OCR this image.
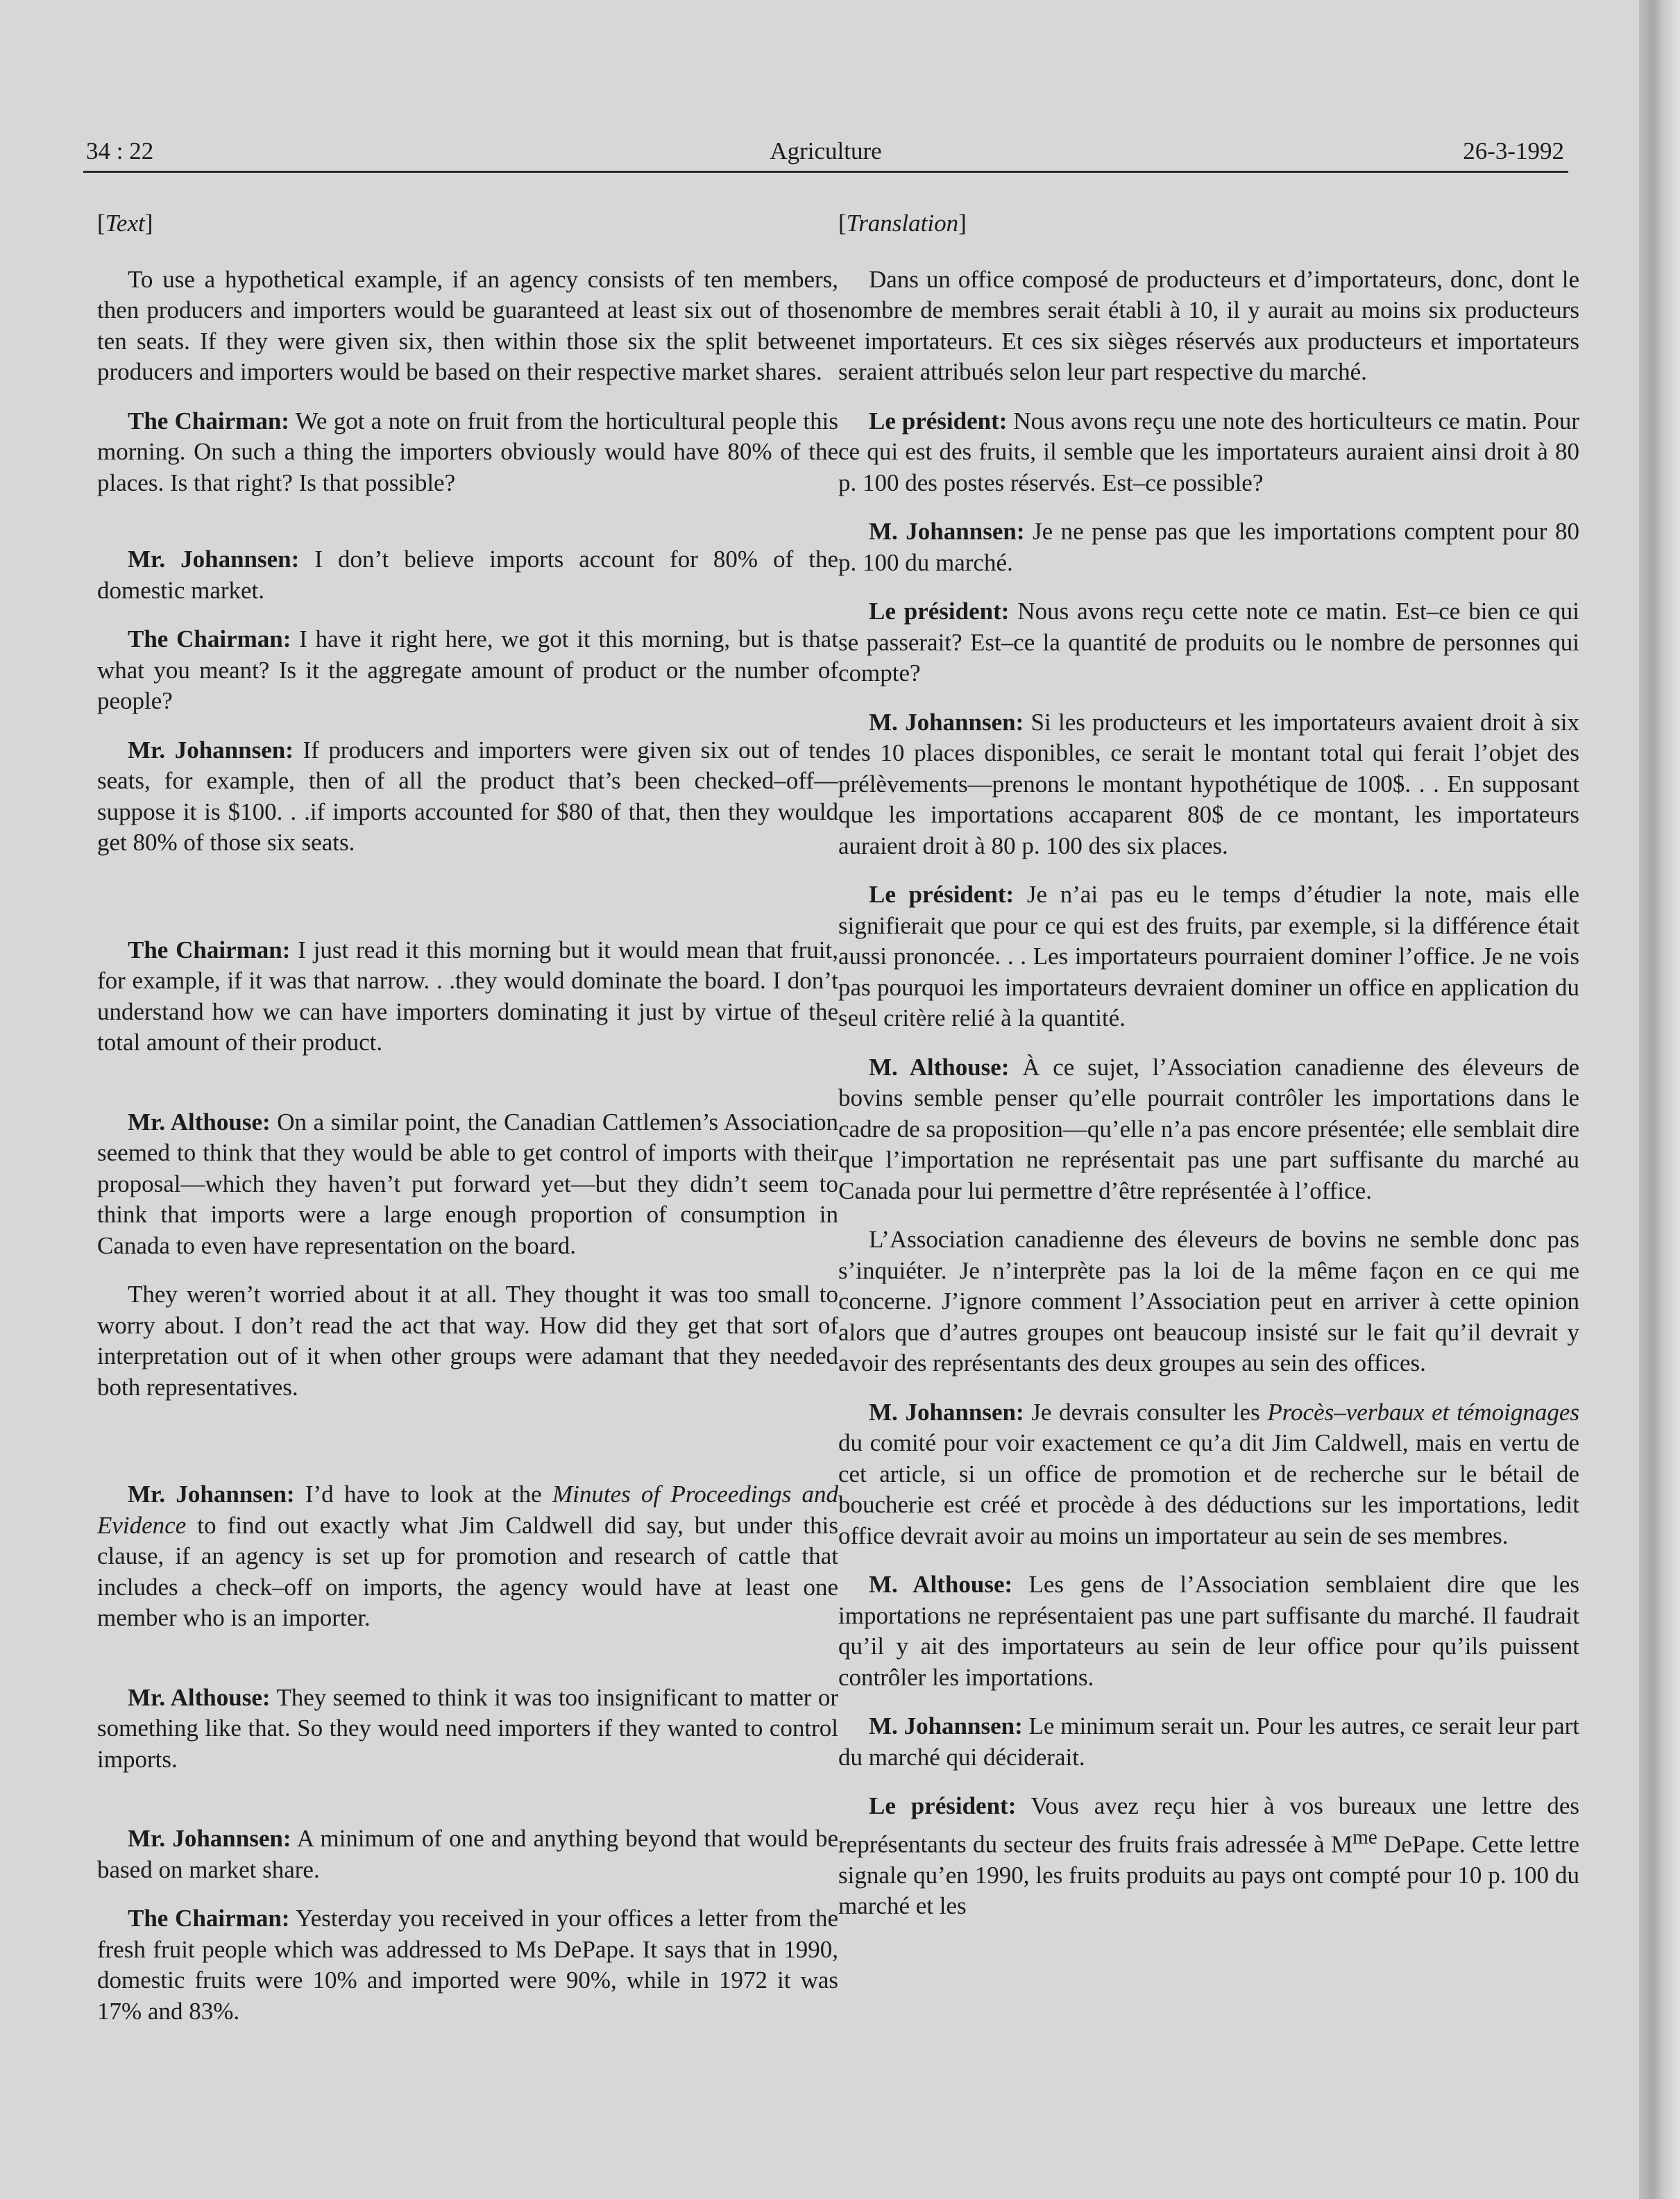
34 : 22	Agriculture	26-3-1992

[Text]

To use a hypothetical example, if an agency consists of ten members, then producers and importers would be guaranteed at least six out of those ten seats. If they were given six, then within those six the split between producers and importers would be based on their respective market shares.

The Chairman: We got a note on fruit from the horticultural people this morning. On such a thing the importers obviously would have 80% of the places. Is that right? Is that possible?

Mr. Johannsen: I don’t believe imports account for 80% of the domestic market.

The Chairman: I have it right here, we got it this morning, but is that what you meant? Is it the aggregate amount of product or the number of people?

Mr. Johannsen: If producers and importers were given six out of ten seats, for example, then of all the product that’s been checked–off—suppose it is $100. . .if imports accounted for $80 of that, then they would get 80% of those six seats.

The Chairman: I just read it this morning but it would mean that fruit, for example, if it was that narrow. . .they would dominate the board. I don’t understand how we can have importers dominating it just by virtue of the total amount of their product.

Mr. Althouse: On a similar point, the Canadian Cattlemen’s Association seemed to think that they would be able to get control of imports with their proposal—which they haven’t put forward yet—but they didn’t seem to think that imports were a large enough proportion of consumption in Canada to even have representation on the board.

They weren’t worried about it at all. They thought it was too small to worry about. I don’t read the act that way. How did they get that sort of interpretation out of it when other groups were adamant that they needed both representatives.

Mr. Johannsen: I’d have to look at the Minutes of Proceedings and Evidence to find out exactly what Jim Caldwell did say, but under this clause, if an agency is set up for promotion and research of cattle that includes a check–off on imports, the agency would have at least one member who is an importer.

Mr. Althouse: They seemed to think it was too insignificant to matter or something like that. So they would need importers if they wanted to control imports.

Mr. Johannsen: A minimum of one and anything beyond that would be based on market share.

The Chairman: Yesterday you received in your offices a letter from the fresh fruit people which was addressed to Ms DePape. It says that in 1990, domestic fruits were 10% and imported were 90%, while in 1972 it was 17% and 83%.

[Translation]

Dans un office composé de producteurs et d’importateurs, donc, dont le nombre de membres serait établi à 10, il y aurait au moins six producteurs et importateurs. Et ces six sièges réservés aux producteurs et importateurs seraient attribués selon leur part respective du marché.

Le président: Nous avons reçu une note des horticulteurs ce matin. Pour ce qui est des fruits, il semble que les importateurs auraient ainsi droit à 80 p. 100 des postes réservés. Est–ce possible?

M. Johannsen: Je ne pense pas que les importations comptent pour 80 p. 100 du marché.

Le président: Nous avons reçu cette note ce matin. Est–ce bien ce qui se passerait? Est–ce la quantité de produits ou le nombre de personnes qui compte?

M. Johannsen: Si les producteurs et les importateurs avaient droit à six des 10 places disponibles, ce serait le montant total qui ferait l’objet des prélèvements—prenons le montant hypothétique de 100$. . . En supposant que les importations accaparent 80$ de ce montant, les importateurs auraient droit à 80 p. 100 des six places.

Le président: Je n’ai pas eu le temps d’étudier la note, mais elle signifierait que pour ce qui est des fruits, par exemple, si la différence était aussi prononcée. . . Les importateurs pourraient dominer l’office. Je ne vois pas pourquoi les importateurs devraient dominer un office en application du seul critère relié à la quantité.

M. Althouse: À ce sujet, l’Association canadienne des éleveurs de bovins semble penser qu’elle pourrait contrôler les importations dans le cadre de sa proposition—qu’elle n’a pas encore présentée; elle semblait dire que l’importation ne représentait pas une part suffisante du marché au Canada pour lui permettre d’être représentée à l’office.

L’Association canadienne des éleveurs de bovins ne semble donc pas s’inquiéter. Je n’interprète pas la loi de la même façon en ce qui me concerne. J’ignore comment l’Association peut en arriver à cette opinion alors que d’autres groupes ont beaucoup insisté sur le fait qu’il devrait y avoir des représentants des deux groupes au sein des offices.

M. Johannsen: Je devrais consulter les Procès–verbaux et témoignages du comité pour voir exactement ce qu’a dit Jim Caldwell, mais en vertu de cet article, si un office de promotion et de recherche sur le bétail de boucherie est créé et procède à des déductions sur les importations, ledit office devrait avoir au moins un importateur au sein de ses membres.

M. Althouse: Les gens de l’Association semblaient dire que les importations ne représentaient pas une part suffisante du marché. Il faudrait qu’il y ait des importateurs au sein de leur office pour qu’ils puissent contrôler les importations.

M. Johannsen: Le minimum serait un. Pour les autres, ce serait leur part du marché qui déciderait.

Le président: Vous avez reçu hier à vos bureaux une lettre des représentants du secteur des fruits frais adressée à $M^{me}$ DePape. Cette lettre signale qu’en 1990, les fruits produits au pays ont compté pour 10 p. 100 du marché et les
